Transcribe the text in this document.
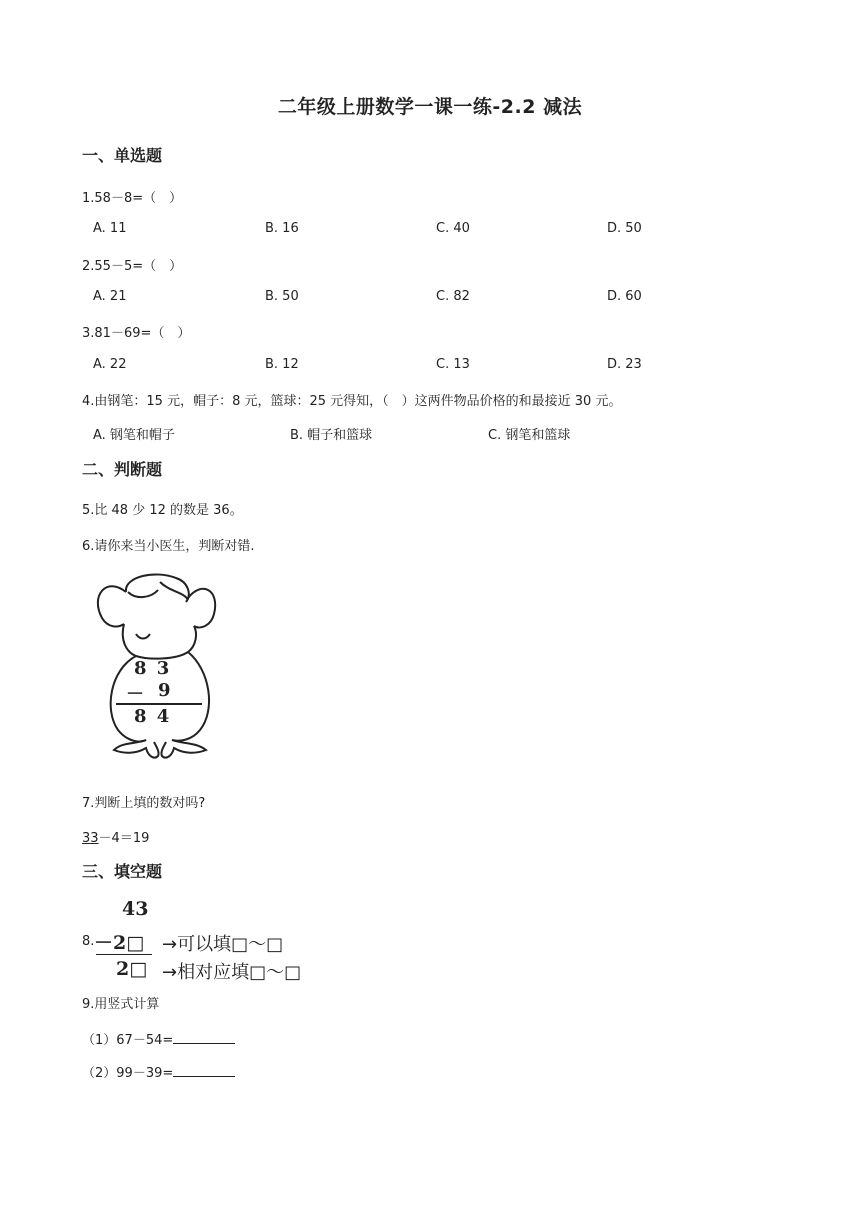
二年级上册数学一课一练-2.2 减法
一、单选题
1.58－8=（　）
A. 11	B. 16	C. 40	D. 50
2.55－5=（　）
A. 21	B. 50	C. 82	D. 60
3.81－69=（　）
A. 22	B. 12	C. 13	D. 23
4.由钢笔：15 元，帽子：8 元，篮球：25 元得知，（　）这两件物品价格的和最接近 30 元。
A. 钢笔和帽子	B. 帽子和篮球	C. 钢笔和篮球
二、判断题
5.比 48 少 12 的数是 36。
6.请你来当小医生，判断对错.
8 3
－ 9
8 4
7.判断上填的数对吗?
33－4＝19
三、填空题
43
8. －2□
2□
→可以填□～□
→相对应填□～□
9.用竖式计算
（1）67－54=
（2）99－39=
